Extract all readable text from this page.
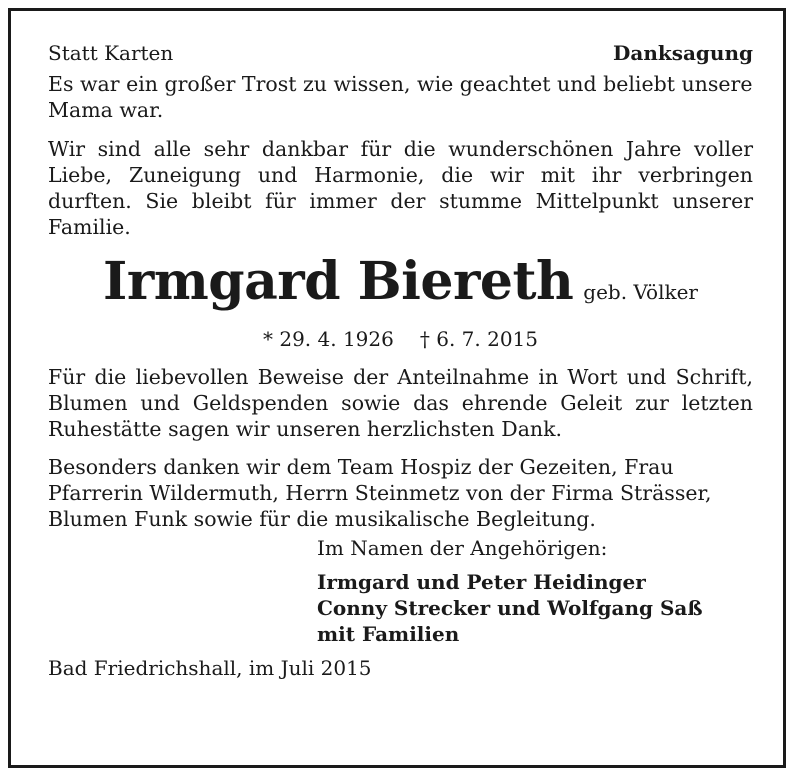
Statt Karten	Danksagung

Es war ein großer Trost zu wissen, wie geachtet und beliebt unsere Mama war.

Wir sind alle sehr dankbar für die wunderschönen Jahre voller Liebe, Zuneigung und Harmonie, die wir mit ihr verbringen durften. Sie bleibt für immer der stumme Mittelpunkt unserer Familie.

Irmgard Biereth geb. Völker
* 29. 4. 1926 † 6. 7. 2015

Für die liebevollen Beweise der Anteilnahme in Wort und Schrift, Blumen und Geldspenden sowie das ehrende Geleit zur letzten Ruhestätte sagen wir unseren herzlichsten Dank.

Besonders danken wir dem Team Hospiz der Gezeiten, Frau Pfarrerin Wildermuth, Herrn Steinmetz von der Firma Strässer, Blumen Funk sowie für die musikalische Begleitung.

Im Namen der Angehörigen:
Irmgard und Peter Heidinger
Conny Strecker und Wolfgang Saß
mit Familien
Bad Friedrichshall, im Juli 2015
